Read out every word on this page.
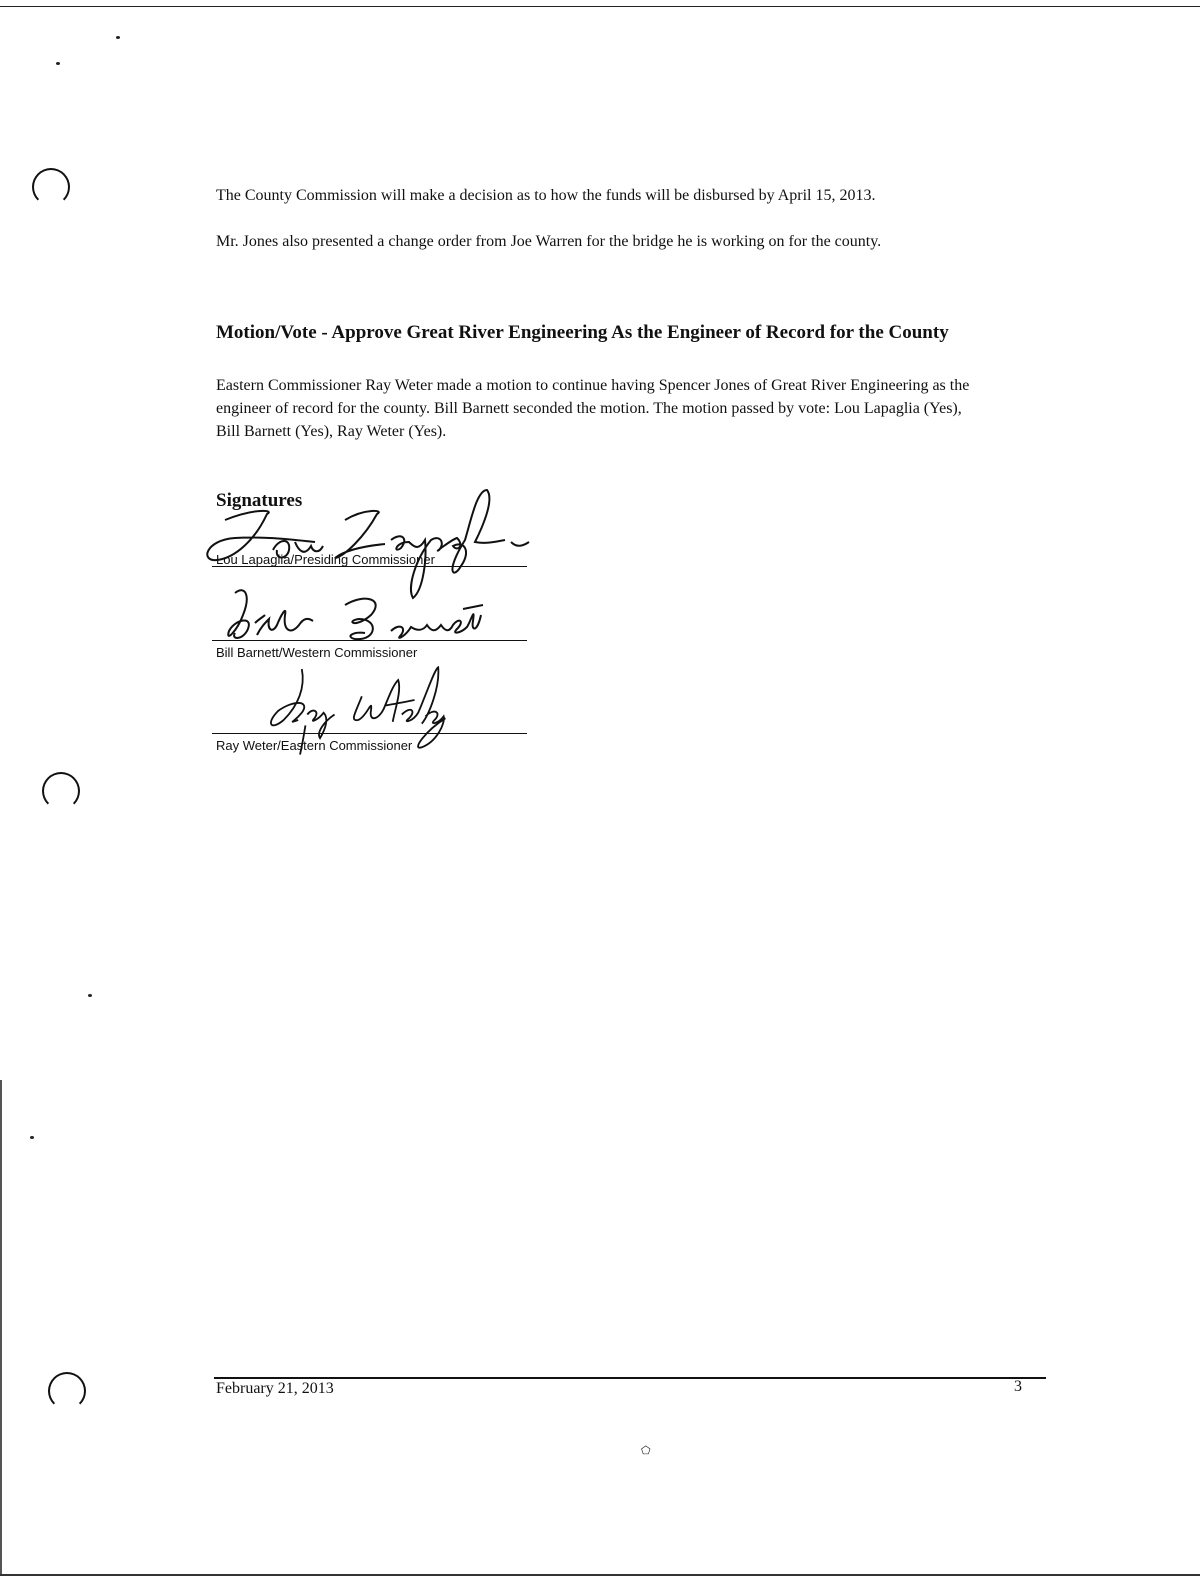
The County Commission will make a decision as to how the funds will be disbursed by April 15, 2013.

Mr. Jones also presented a change order from Joe Warren for the bridge he is working on for the county.

Motion/Vote - Approve Great River Engineering As the Engineer of Record for the County

Eastern Commissioner Ray Weter made a motion to continue having Spencer Jones of Great River Engineering as the engineer of record for the county. Bill Barnett seconded the motion. The motion passed by vote: Lou Lapaglia (Yes), Bill Barnett (Yes), Ray Weter (Yes).

Signatures
Lou Lapaglia/Presiding Commissioner
Bill Barnett/Western Commissioner
Ray Weter/Eastern Commissioner
February 21, 2013	3
⬠
